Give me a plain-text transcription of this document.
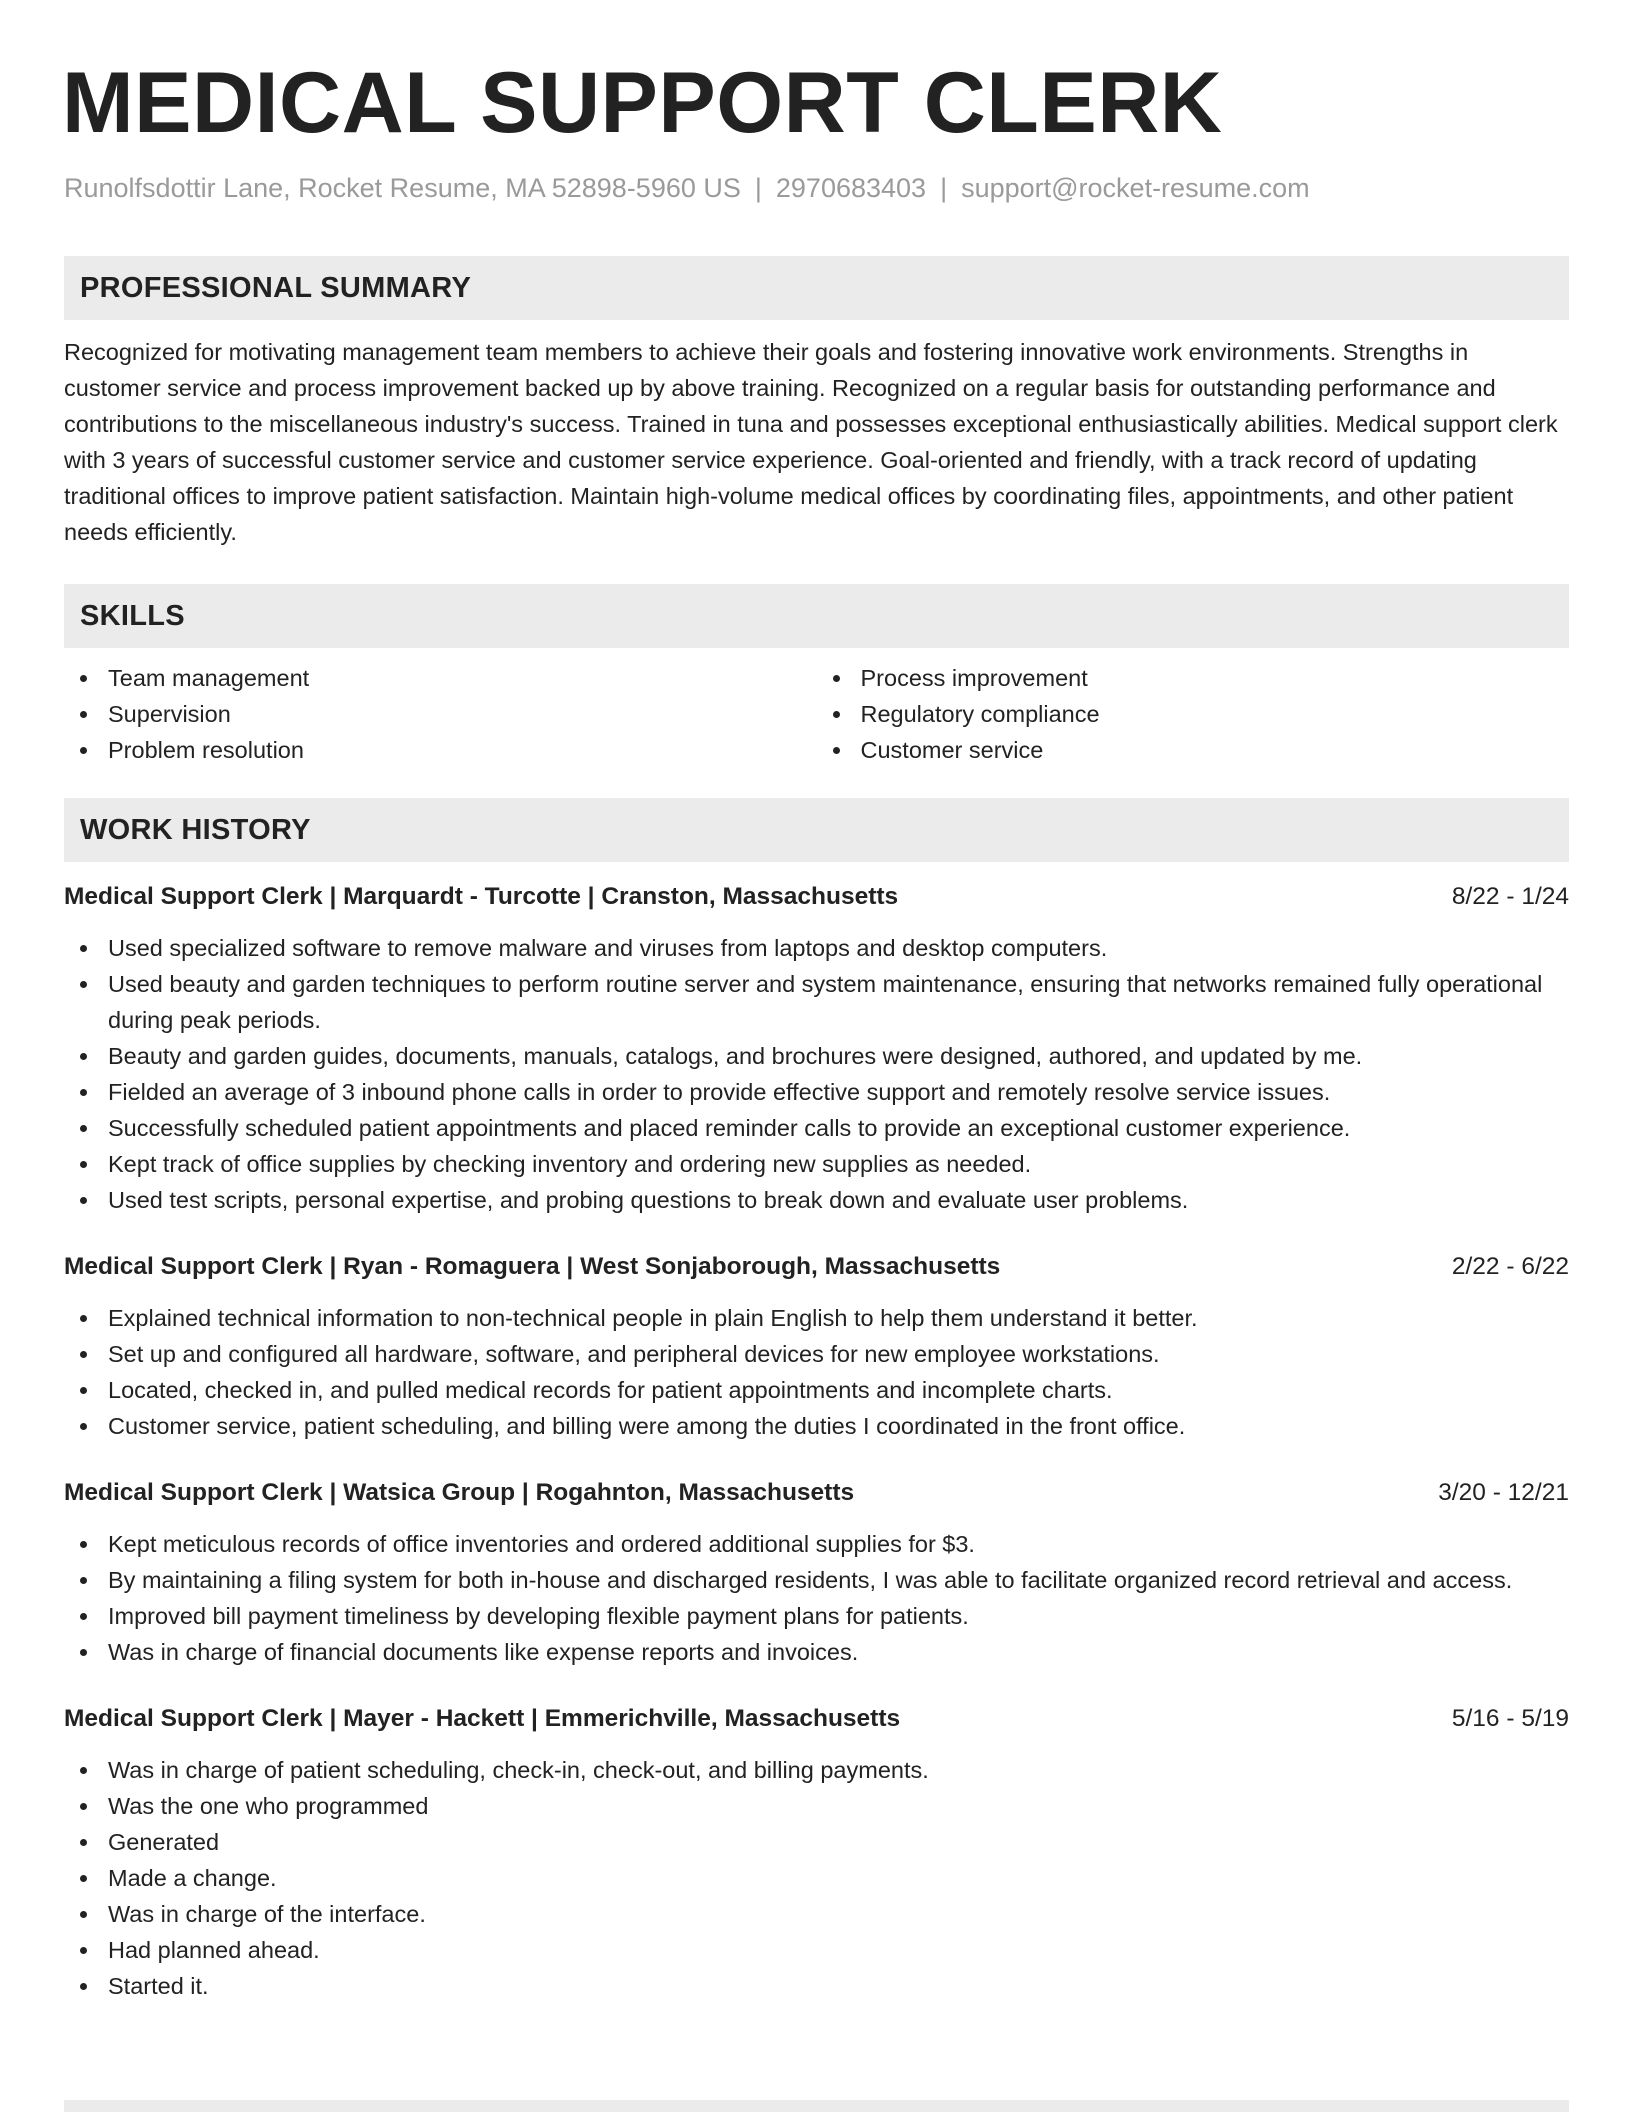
MEDICAL SUPPORT CLERK
Runolfsdottir Lane, Rocket Resume, MA 52898-5960 US | 2970683403 | support@rocket-resume.com
PROFESSIONAL SUMMARY
Recognized for motivating management team members to achieve their goals and fostering innovative work environments. Strengths in customer service and process improvement backed up by above training. Recognized on a regular basis for outstanding performance and contributions to the miscellaneous industry's success. Trained in tuna and possesses exceptional enthusiastically abilities. Medical support clerk with 3 years of successful customer service and customer service experience. Goal-oriented and friendly, with a track record of updating traditional offices to improve patient satisfaction. Maintain high-volume medical offices by coordinating files, appointments, and other patient needs efficiently.
SKILLS
Team management
Supervision
Problem resolution
Process improvement
Regulatory compliance
Customer service
WORK HISTORY
Medical Support Clerk | Marquardt - Turcotte | Cranston, Massachusetts	8/22 - 1/24
Used specialized software to remove malware and viruses from laptops and desktop computers.
Used beauty and garden techniques to perform routine server and system maintenance, ensuring that networks remained fully operational during peak periods.
Beauty and garden guides, documents, manuals, catalogs, and brochures were designed, authored, and updated by me.
Fielded an average of 3 inbound phone calls in order to provide effective support and remotely resolve service issues.
Successfully scheduled patient appointments and placed reminder calls to provide an exceptional customer experience.
Kept track of office supplies by checking inventory and ordering new supplies as needed.
Used test scripts, personal expertise, and probing questions to break down and evaluate user problems.
Medical Support Clerk | Ryan - Romaguera | West Sonjaborough, Massachusetts	2/22 - 6/22
Explained technical information to non-technical people in plain English to help them understand it better.
Set up and configured all hardware, software, and peripheral devices for new employee workstations.
Located, checked in, and pulled medical records for patient appointments and incomplete charts.
Customer service, patient scheduling, and billing were among the duties I coordinated in the front office.
Medical Support Clerk | Watsica Group | Rogahnton, Massachusetts	3/20 - 12/21
Kept meticulous records of office inventories and ordered additional supplies for $3.
By maintaining a filing system for both in-house and discharged residents, I was able to facilitate organized record retrieval and access.
Improved bill payment timeliness by developing flexible payment plans for patients.
Was in charge of financial documents like expense reports and invoices.
Medical Support Clerk | Mayer - Hackett | Emmerichville, Massachusetts	5/16 - 5/19
Was in charge of patient scheduling, check-in, check-out, and billing payments.
Was the one who programmed
Generated
Made a change.
Was in charge of the interface.
Had planned ahead.
Started it.
